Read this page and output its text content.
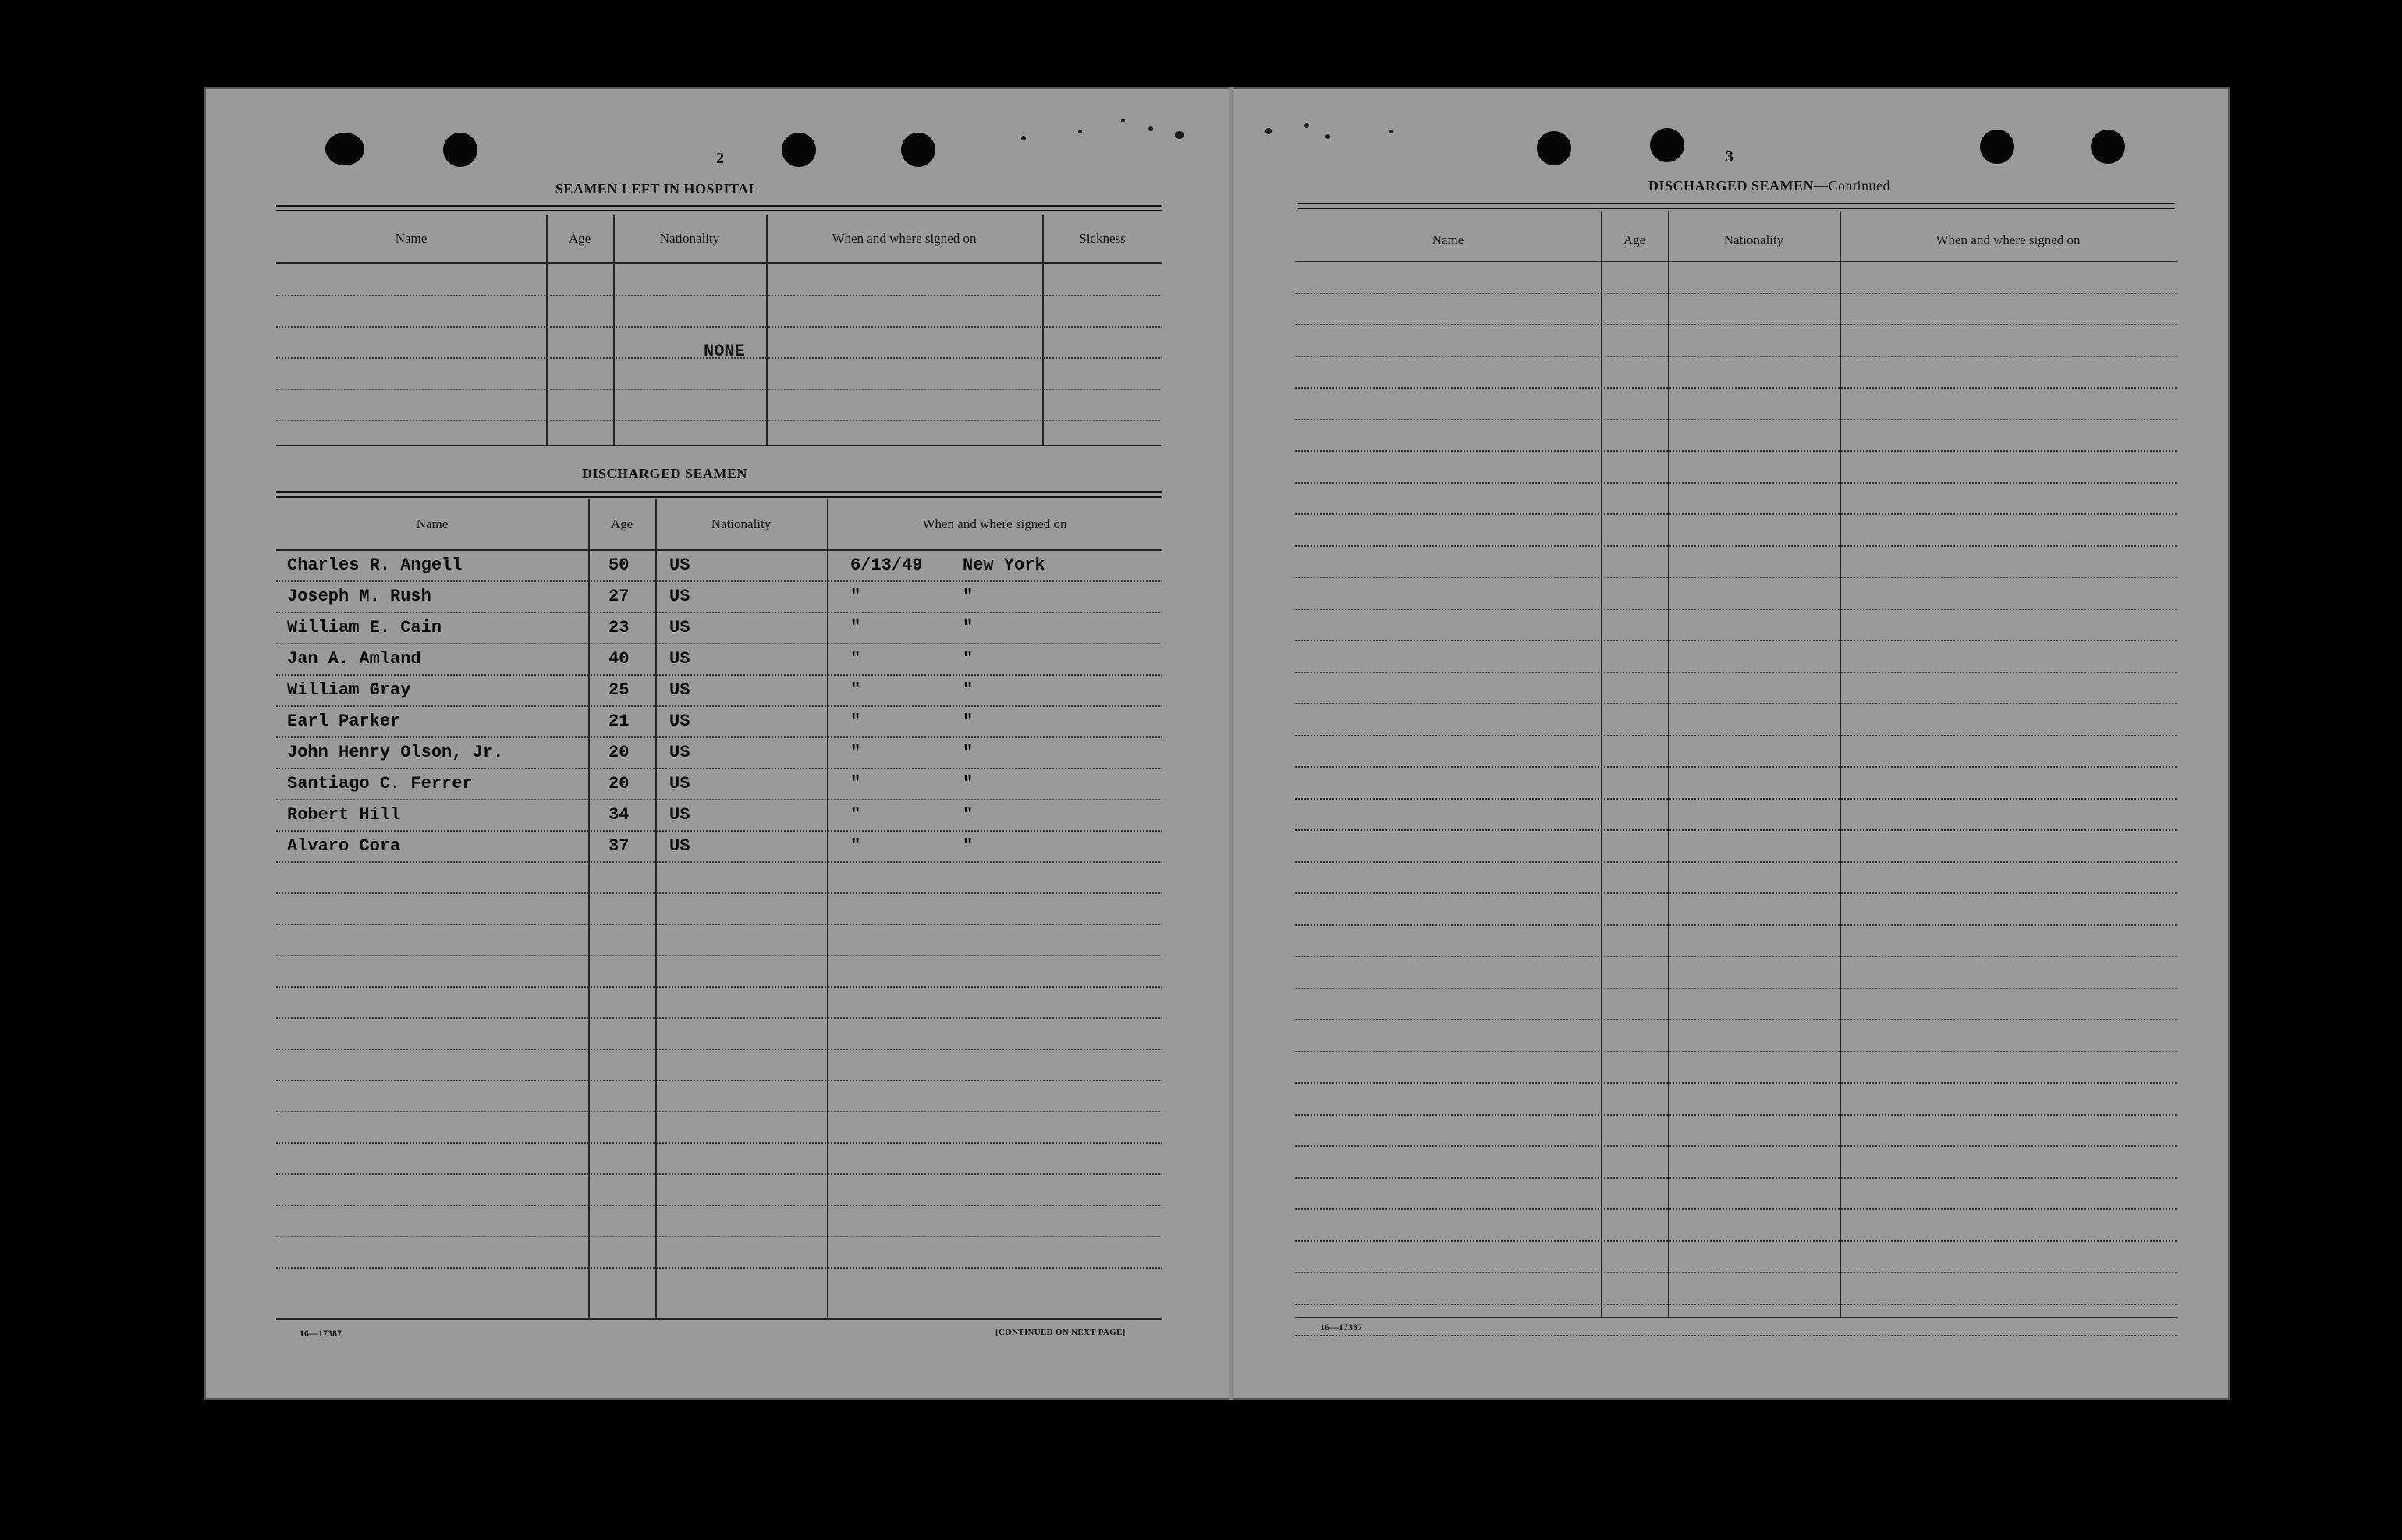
2
SEAMEN LEFT IN HOSPITAL
Name	Age	Nationality	When and where signed on	Sickness
NONE
DISCHARGED SEAMEN
Name	Age	Nationality	When and where signed on
Charles R. Angell	50 US	6/13/49 New York
Joseph M. Rush	27 US	"	"
William E. Cain	23 US	"	"
Jan A. Amland	40 US	"	"
William Gray	25 US	"	"
Earl Parker	21 US	"	"
John Henry Olson, Jr.	20 US	"	"
Santiago C. Ferrer	20 US	"	"
Robert Hill	34 US	"	"
Alvaro Cora	37 US	"	"
16—17387	[CONTINUED ON NEXT PAGE]
3
DISCHARGED SEAMEN—Continued
Name	Age	Nationality	When and where signed on
16—17387
